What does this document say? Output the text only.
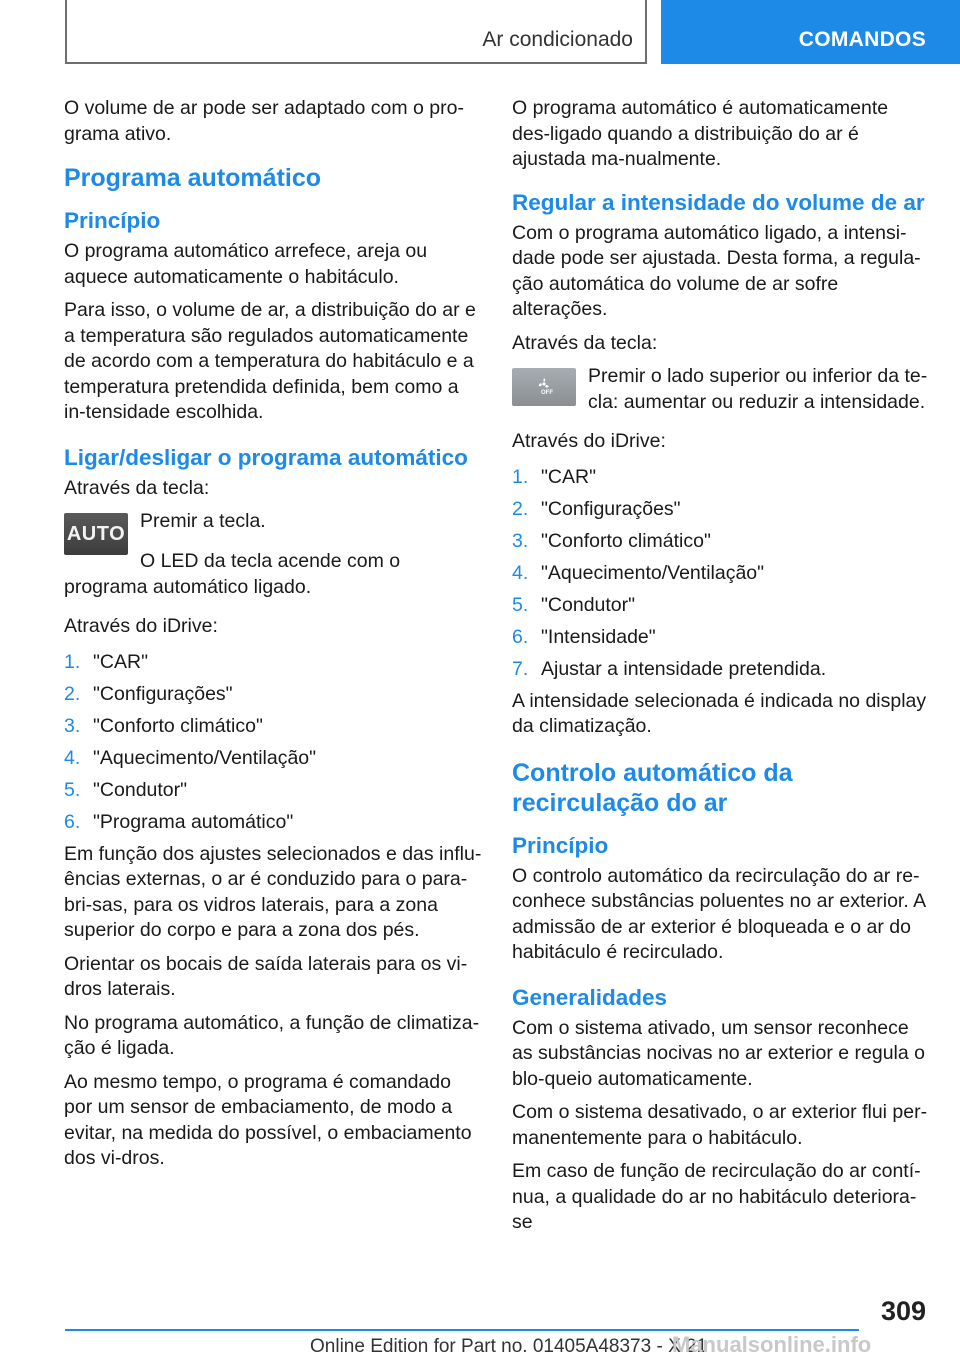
Ar condicionado	COMANDOS

O volume de ar pode ser adaptado com o pro‐grama ativo.

Programa automático
Princípio

O programa automático arrefece, areja ou aquece automaticamente o habitáculo.

Para isso, o volume de ar, a distribuição do ar e a temperatura são regulados automaticamente de acordo com a temperatura do habitáculo e a temperatura pretendida definida, bem como a in‐tensidade escolhida.

Ligar/desligar o programa automático

Através da tecla:

AUTO

Premir a tecla.

O LED da tecla acende com o programa automático ligado.

Através do iDrive:

1. "CAR"
2. "Configurações"
3. "Conforto climático"
4. "Aquecimento/Ventilação"
5. "Condutor"
6. "Programa automático"

Em função dos ajustes selecionados e das influ‐ências externas, o ar é conduzido para o para-bri‐sas, para os vidros laterais, para a zona superior do corpo e para a zona dos pés.

Orientar os bocais de saída laterais para os vi‐dros laterais.

No programa automático, a função de climatiza‐ção é ligada.

Ao mesmo tempo, o programa é comandado por um sensor de embaciamento, de modo a evitar, na medida do possível, o embaciamento dos vi‐dros.

O programa automático é automaticamente des‐ligado quando a distribuição do ar é ajustada ma‐nualmente.

Regular a intensidade do volume de ar

Com o programa automático ligado, a intensi‐dade pode ser ajustada. Desta forma, a regula‐ção automática do volume de ar sofre alterações.

Através da tecla:

OFF

Premir o lado superior ou inferior da te‐cla: aumentar ou reduzir a intensidade.

Através do iDrive:

1. "CAR"
2. "Configurações"
3. "Conforto climático"
4. "Aquecimento/Ventilação"
5. "Condutor"
6. "Intensidade"
7. Ajustar a intensidade pretendida.

A intensidade selecionada é indicada no display da climatização.

Controlo automático da recirculação do ar
Princípio

O controlo automático da recirculação do ar re‐conhece substâncias poluentes no ar exterior. A admissão de ar exterior é bloqueada e o ar do habitáculo é recirculado.

Generalidades

Com o sistema ativado, um sensor reconhece as substâncias nocivas no ar exterior e regula o blo‐queio automaticamente.

Com o sistema desativado, o ar exterior flui per‐manentemente para o habitáculo.

Em caso de função de recirculação do ar contí‐nua, a qualidade do ar no habitáculo deteriora-se

309
Online Edition for Part no. 01405A48373 - X/21
Manualsonline.info
